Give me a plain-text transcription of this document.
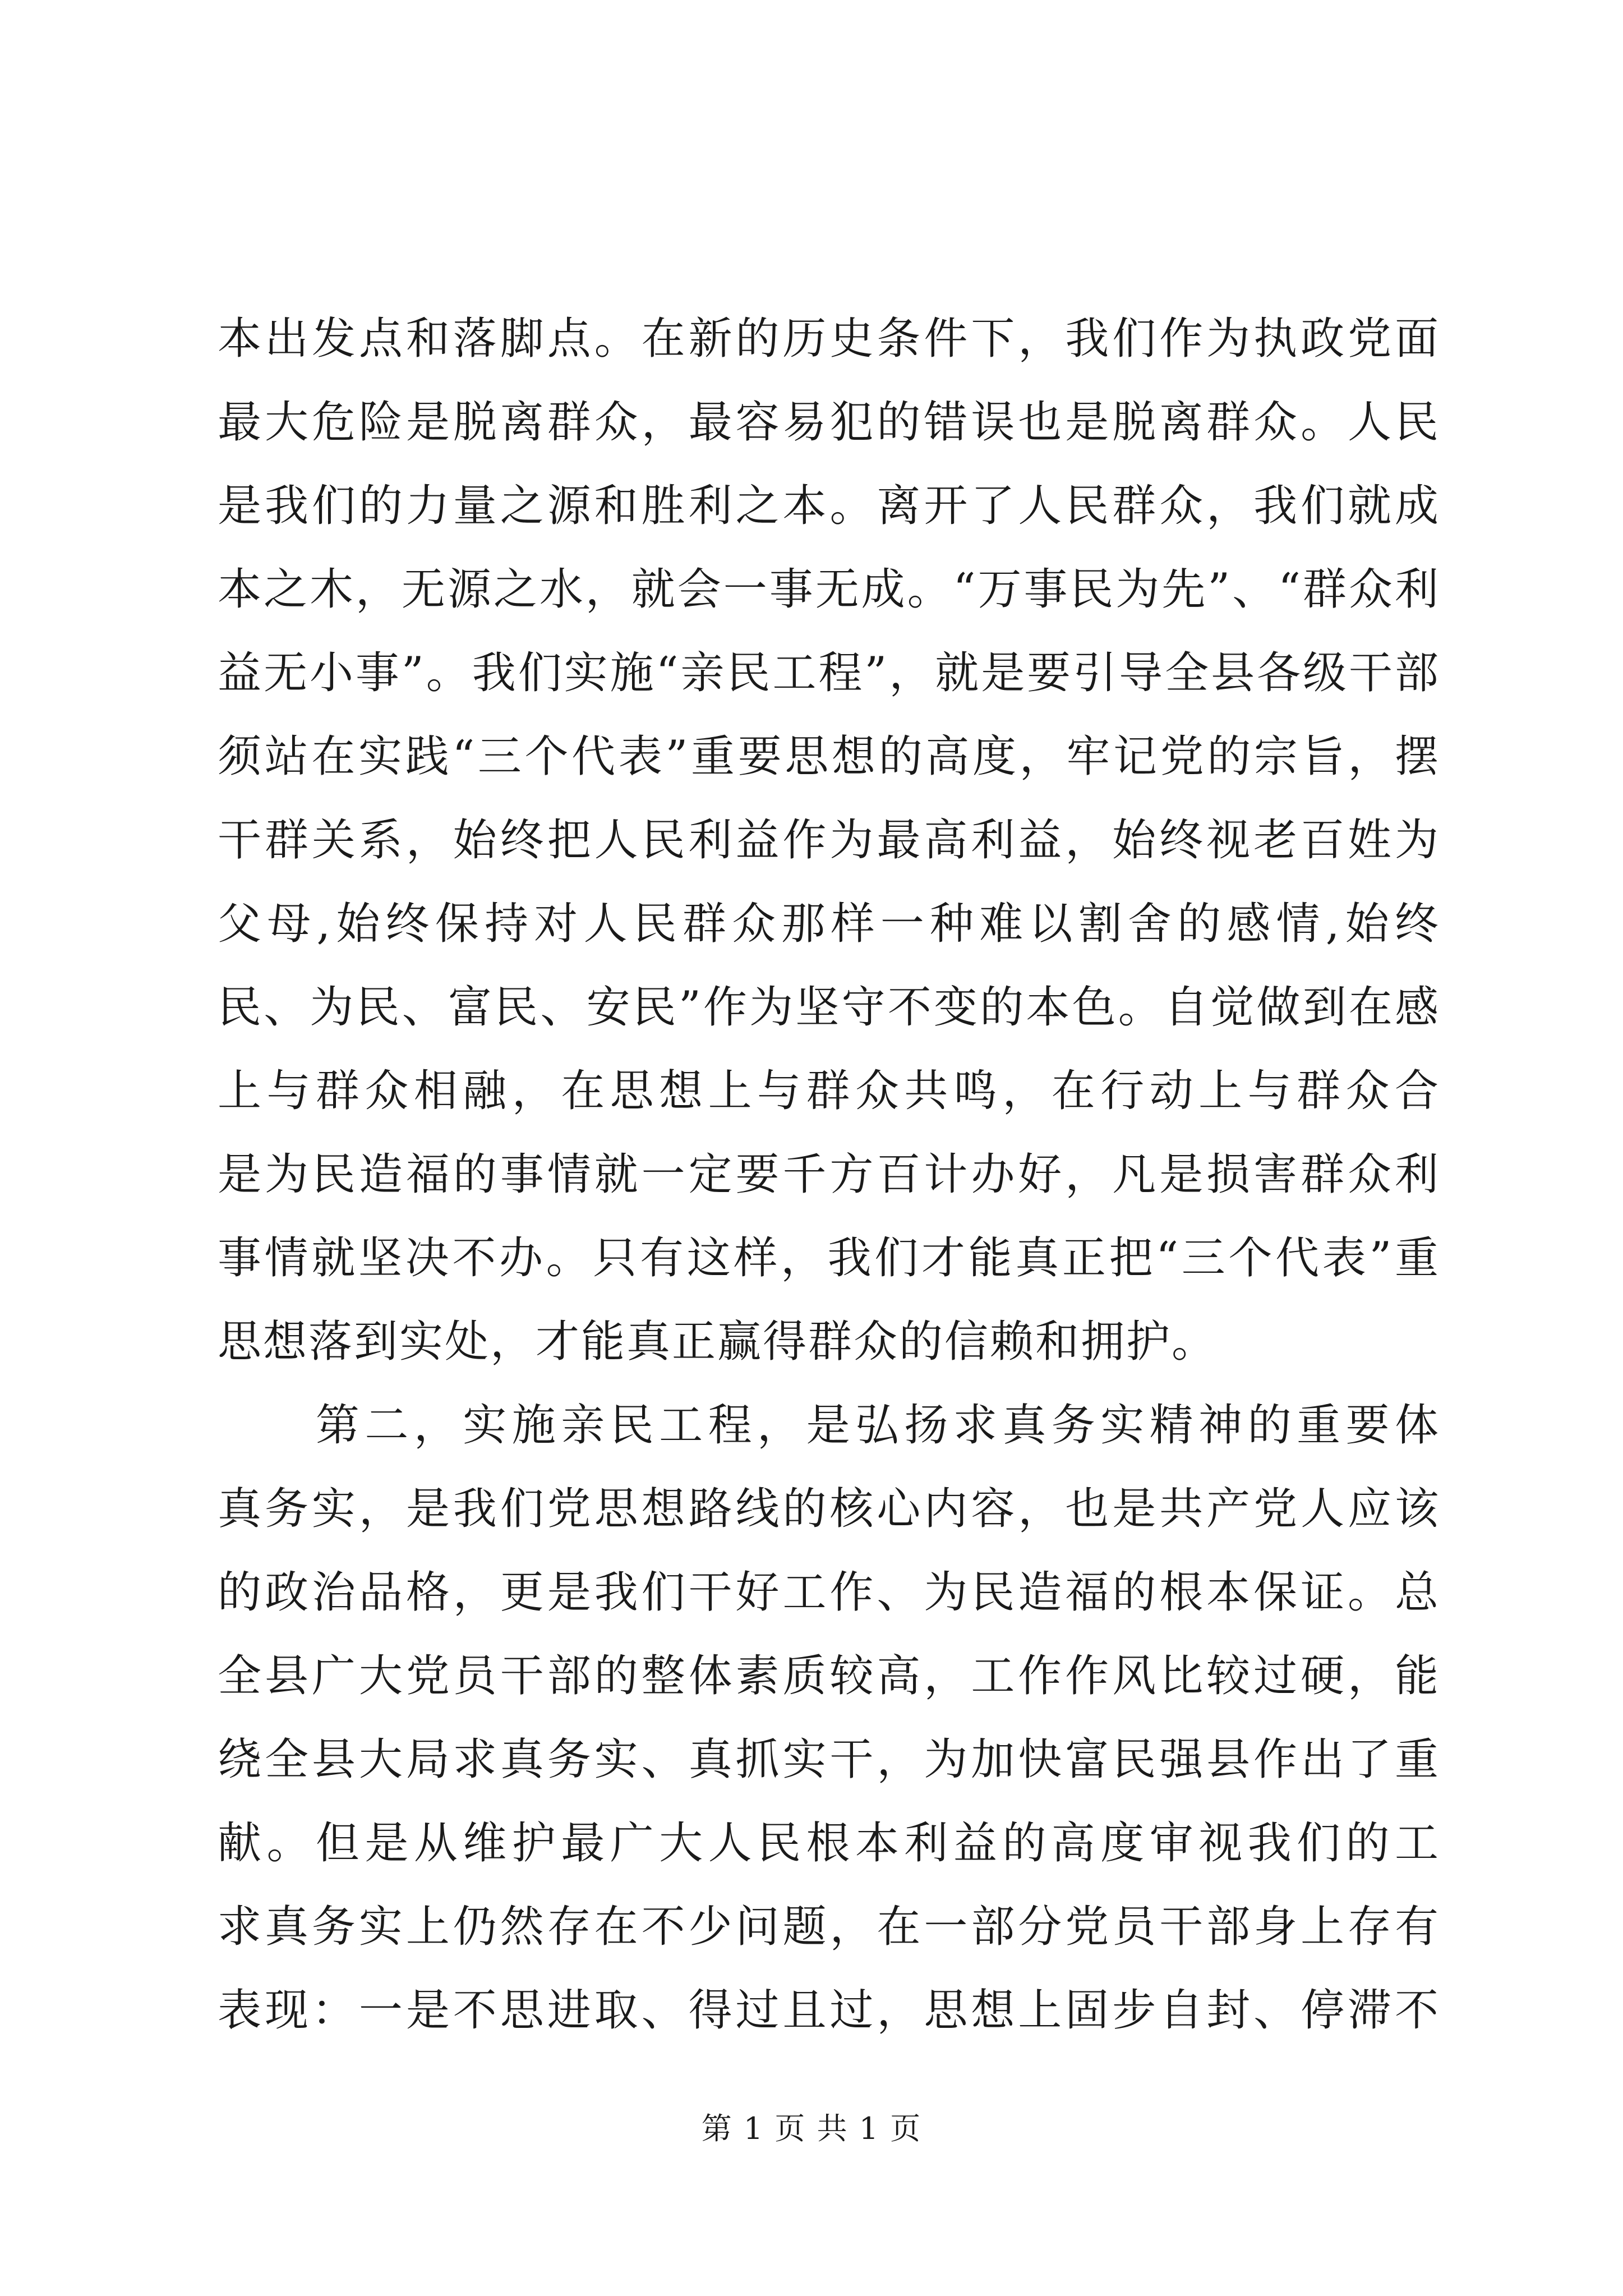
本出发点和落脚点。在新的历史条件下，我们作为执政党面
最大危险是脱离群众，最容易犯的错误也是脱离群众。人民
是我们的力量之源和胜利之本。离开了人民群众，我们就成
本之木，无源之水，就会一事无成。“万事民为先”、“群众利
益无小事”。我们实施“亲民工程”，就是要引导全县各级干部
须站在实践“三个代表”重要思想的高度，牢记党的宗旨，摆
干群关系，始终把人民利益作为最高利益，始终视老百姓为
父母,始终保持对人民群众那样一种难以割舍的感情,始终
民、为民、富民、安民”作为坚守不变的本色。自觉做到在感
上与群众相融，在思想上与群众共鸣，在行动上与群众合
是为民造福的事情就一定要千方百计办好，凡是损害群众利
事情就坚决不办。只有这样，我们才能真正把“三个代表”重
思想落到实处，才能真正赢得群众的信赖和拥护。
　　第二，实施亲民工程，是弘扬求真务实精神的重要体
真务实，是我们党思想路线的核心内容，也是共产党人应该
的政治品格，更是我们干好工作、为民造福的根本保证。总
全县广大党员干部的整体素质较高，工作作风比较过硬，能
绕全县大局求真务实、真抓实干，为加快富民强县作出了重
献。但是从维护最广大人民根本利益的高度审视我们的工
求真务实上仍然存在不少问题，在一部分党员干部身上存有
表现：一是不思进取、得过且过，思想上固步自封、停滞不
第 1 页 共 1 页
